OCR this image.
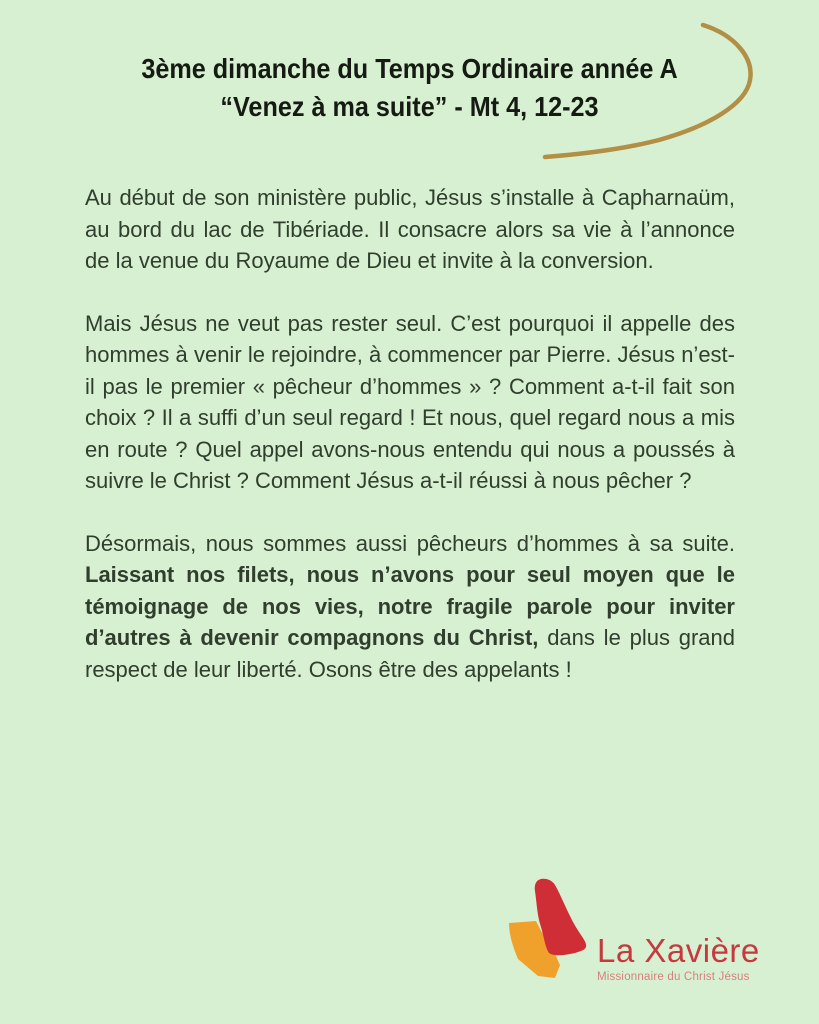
3ème dimanche du Temps Ordinaire année A
“Venez à ma suite” - Mt 4, 12-23

Au début de son ministère public, Jésus s’installe à Capharnaüm, au bord du lac de Tibériade. Il consacre alors sa vie à l’annonce de la venue du Royaume de Dieu et invite à la conversion.

Mais Jésus ne veut pas rester seul. C’est pourquoi il appelle des hommes à venir le rejoindre, à commencer par Pierre. Jésus n’est-il pas le premier « pêcheur d’hommes » ? Comment a-t-il fait son choix ? Il a suffi d’un seul regard ! Et nous, quel regard nous a mis en route ? Quel appel avons-nous entendu qui nous a poussés à suivre le Christ ? Comment Jésus a-t-il réussi à nous pêcher ?

Désormais, nous sommes aussi pêcheurs d’hommes à sa suite. Laissant nos filets, nous n’avons pour seul moyen que le témoignage de nos vies, notre fragile parole pour inviter d’autres à devenir compagnons du Christ, dans le plus grand respect de leur liberté. Osons être des appelants !

La Xavière
Missionnaire du Christ Jésus
